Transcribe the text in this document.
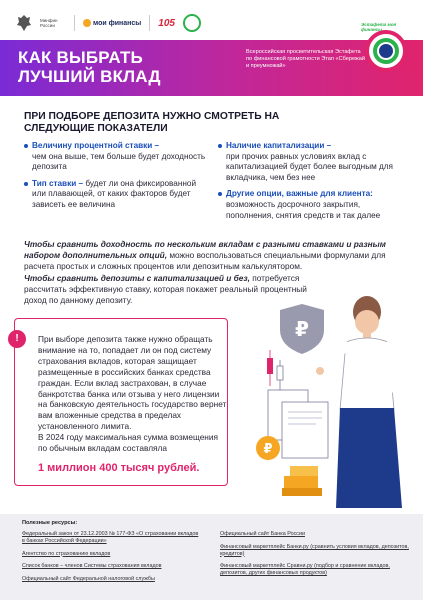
Минфин России	мои финансы 105
КАК ВЫБРАТЬ
ЛУЧШИЙ ВКЛАД
Всероссийская просветительская Эстафета по финансовой грамотности Этап «Сбережай и преумножай»
Эстафета моя финансы
ПРИ ПОДБОРЕ ДЕПОЗИТА НУЖНО СМОТРЕТЬ НА СЛЕДУЮЩИЕ ПОКАЗАТЕЛИ
Величину процентной ставки –
чем она выше, тем больше будет доходность депозита
Тип ставки – будет ли она фиксированной или плавающей, от каких факторов будет зависеть ее величина
Наличие капитализации –
при прочих равных условиях вклад с капитализацией будет более выгодным для вкладчика, чем без нее
Другие опции, важные для клиента:
возможность досрочного закрытия, пополнения, снятия средств и так далее
Чтобы сравнить доходность по нескольким вкладам с разными ставками и разным набором дополнительных опций, можно воспользоваться специальными формулами для расчета простых и сложных процентов или депозитным калькулятором.
Чтобы сравнить депозиты с капитализацией и без, потребуется рассчитать эффективную ставку, которая покажет реальный процентный доход по данному депозиту.
!	При выборе депозита также нужно обращать внимание на то, попадает ли он под систему страхования вкладов, которая защищает размещенные в российских банках средства граждан. Если вклад застрахован, в случае банкротства банка или отзыва у него лицензии на банковскую деятельность государство вернет вам вложенные средства в пределах установленного лимита.

В 2024 году максимальная сумма возмещения по обычным вкладам составляла

1 миллион 400 тысяч рублей.
₽
₽
Полезные ресурсы:
Федеральный закон от 23.12.2003 № 177-ФЗ «О страховании вкладов в банках Российской Федерации»
Агентство по страхованию вкладов
Список банков – членов Системы страхования вкладов
Официальный сайт Федеральной налоговой службы
Официальный сайт Банка России
Финансовый маркетплейс Банки.ру (сравнить условия вкладов, депозитов, кредитов)
Финансовый маркетплейс Сравни.ру (подбор и сравнение вкладов, депозитов, других финансовых продуктов)
